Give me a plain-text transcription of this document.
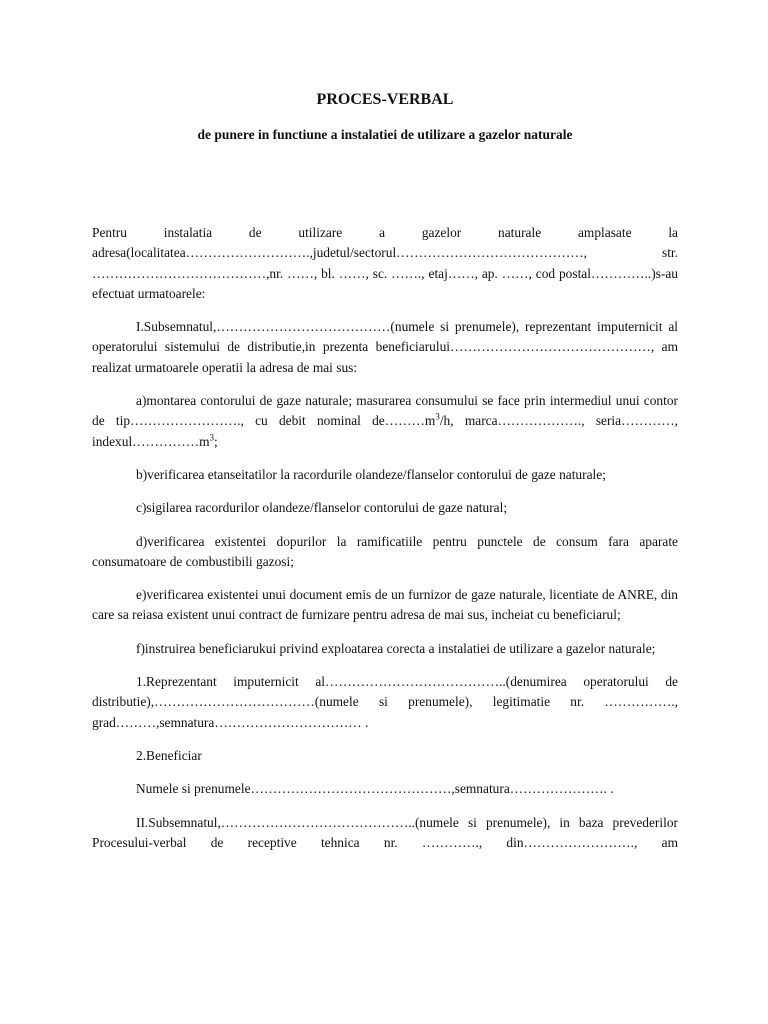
PROCES-VERBAL
de punere in functiune a instalatiei de utilizare a gazelor naturale

Pentru instalatia de utilizare a gazelor naturale amplasate la adresa(localitatea……………………….,judetul/sectorul……………………………………, str. …………………………………,nr. ……, bl. ……, sc. ……., etaj……, ap. ……, cod postal…………..)s-au efectuat urmatoarele:

I.Subsemnatul,…………………………………(numele si prenumele), reprezentant imputernicit al operatorului sistemului de distributie,in prezenta beneficiarului………………………………………, am realizat urmatoarele operatii la adresa de mai sus:

a)montarea contorului de gaze naturale; masurarea consumului se face prin intermediul unui contor de tip……………………., cu debit nominal $de\dots\dots\dots m^3/h$, marca………………., seria…………, $indexul\dots\dots\dots\dots\dots m^3$;

b)verificarea etanseitatilor la racordurile olandeze/flanselor contorului de gaze naturale;

c)sigilarea racordurilor olandeze/flanselor contorului de gaze natural;

d)verificarea existentei dopurilor la ramificatiile pentru punctele de consum fara aparate consumatoare de combustibili gazosi;

e)verificarea existentei unui document emis de un furnizor de gaze naturale, licentiate de ANRE, din care sa reiasa existent unui contract de furnizare pentru adresa de mai sus, incheiat cu beneficiarul;

f)instruirea beneficiarukui privind exploatarea corecta a instalatiei de utilizare a gazelor naturale;

1.Reprezentant imputernicit al…………………………………..(denumirea operatorului de distributie),………………………………(numele si prenumele), legitimatie nr. ……………., grad………,semnatura…………………………… .

2.Beneficiar

Numele si prenumele………………………………………,semnatura…………………. .

II.Subsemnatul,……………………………………..(numele si prenumele), in baza prevederilor Procesului-verbal de receptive tehnica nr. …………., din……………………., am
